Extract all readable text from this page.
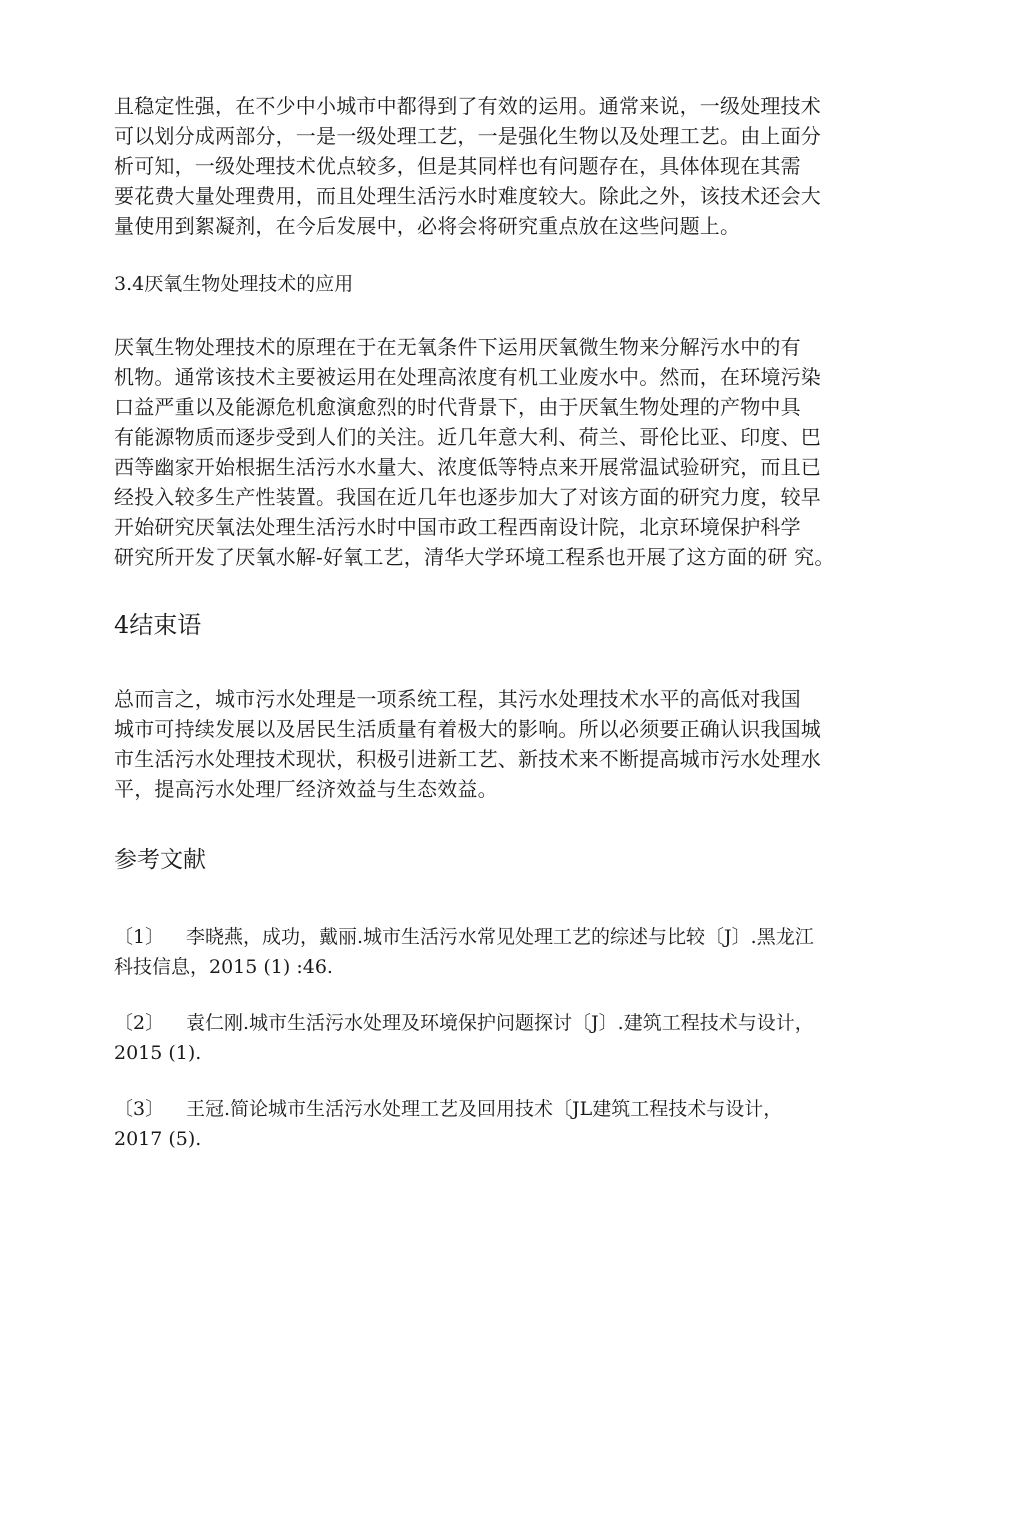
且稳定性强，在不少中小城市中都得到了有效的运用。通常来说，一级处理技术
可以划分成两部分，一是一级处理工艺，一是强化生物以及处理工艺。由上面分
析可知，一级处理技术优点较多，但是其同样也有问题存在，具体体现在其需
要花费大量处理费用，而且处理生活污水时难度较大。除此之外，该技术还会大
量使用到絮凝剂，在今后发展中，必将会将研究重点放在这些问题上。
3.4厌氧生物处理技术的应用
厌氧生物处理技术的原理在于在无氧条件下运用厌氧微生物来分解污水中的有
机物。通常该技术主要被运用在处理高浓度有机工业废水中。然而，在环境污染
口益严重以及能源危机愈演愈烈的时代背景下，由于厌氧生物处理的产物中具
有能源物质而逐步受到人们的关注。近几年意大利、荷兰、哥伦比亚、印度、巴
西等幽家开始根据生活污水水量大、浓度低等特点来开展常温试验研究，而且已
经投入较多生产性装置。我国在近几年也逐步加大了对该方面的研究力度，较早
开始研究厌氧法处理生活污水时中国市政工程西南设计院，北京环境保护科学
研究所开发了厌氧水解-好氧工艺，清华大学环境工程系也开展了这方面的研 究。
4结束语
总而言之，城市污水处理是一项系统工程，其污水处理技术水平的高低对我国
城市可持续发展以及居民生活质量有着极大的影响。所以必须要正确认识我国城
市生活污水处理技术现状，积极引进新工艺、新技术来不断提高城市污水处理水
平，提高污水处理厂经济效益与生态效益。
参考文献
〔1〕 李晓燕，成功，戴丽.城市生活污水常见处理工艺的综述与比较〔J〕.黑龙江
科技信息，2015 (1) :46.
〔2〕 袁仁刚.城市生活污水处理及环境保护问题探讨〔J〕.建筑工程技术与设计，
2015 (1).
〔3〕 王冠.简论城市生活污水处理工艺及回用技术〔JL建筑工程技术与设计，
2017 (5).
